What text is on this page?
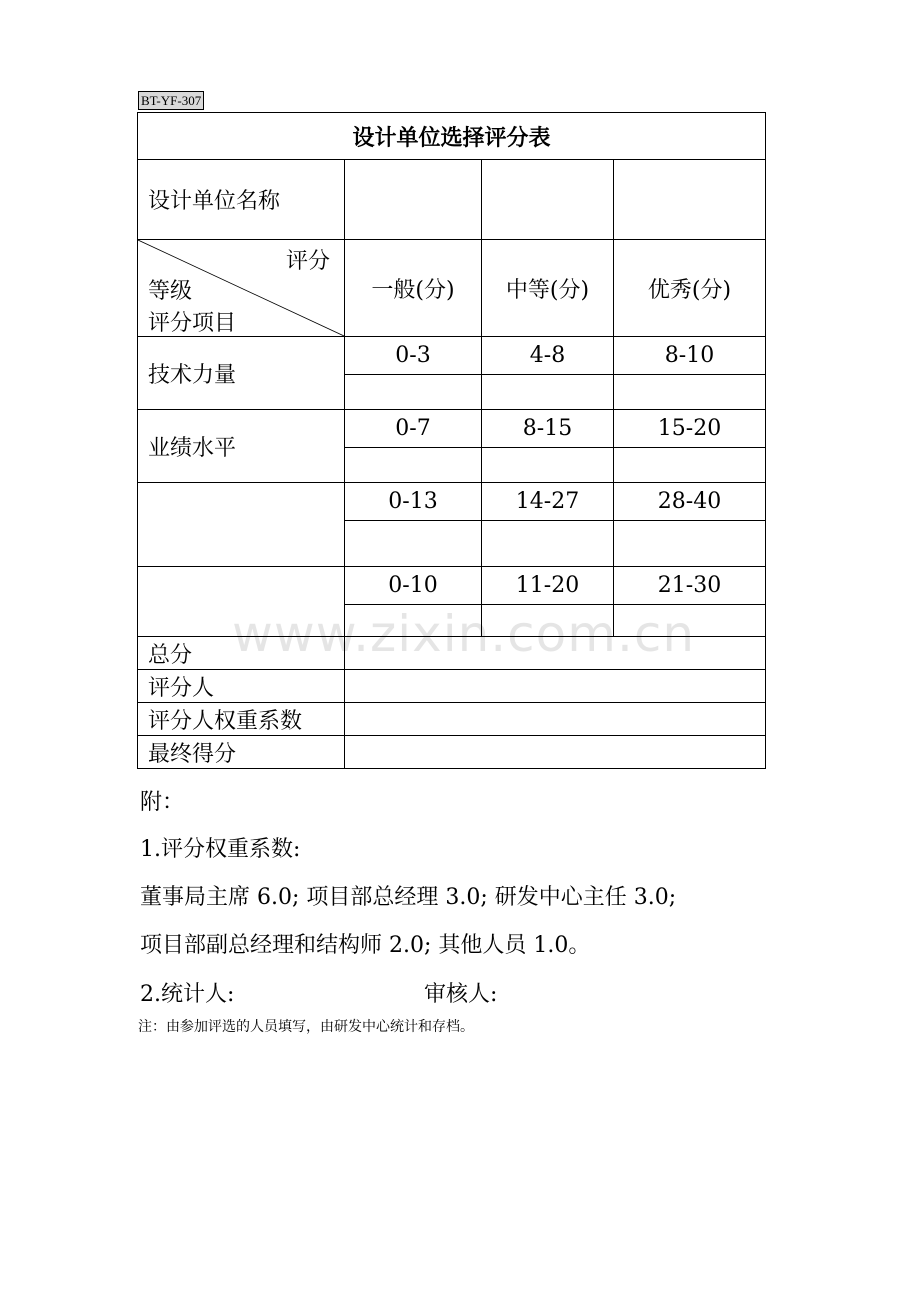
BT-YF-307
设计单位选择评分表			
设计单位名称			

评分
等级
评分项目	一般(分)	中等(分)	优秀(分)
技术力量	0-3	4-8	8-10

业绩水平	0-7	8-15	15-20

	0-13	14-27	28-40

	0-10	11-20	21-30

总分			
评分人			
评分人权重系数			
最终得分			
www.zixin.com.cn
附：
1.评分权重系数:
董事局主席 6.0; 项目部总经理 3.0; 研发中心主任 3.0;
项目部副总经理和结构师 2.0; 其他人员 1.0。
2.统计人:	审核人:
注：由参加评选的人员填写，由研发中心统计和存档。
